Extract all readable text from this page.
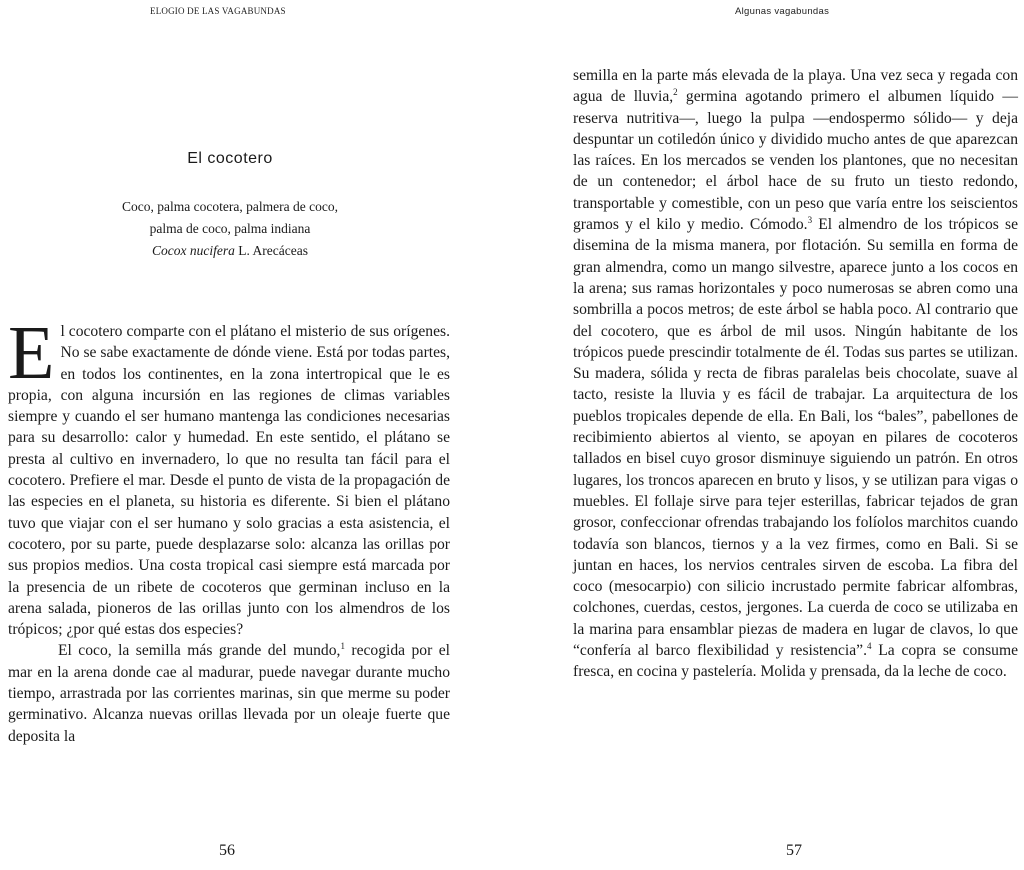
ELOGIO DE LAS VAGABUNDAS
El cocotero
Coco, palma cocotera, palmera de coco,
palma de coco, palma indiana
Cocox nucifera L. Arecáceas

El cocotero comparte con el plátano el misterio de sus orígenes. No se sabe exactamente de dónde viene. Está por todas partes, en todos los continentes, en la zona intertropical que le es propia, con alguna incursión en las regiones de climas variables siempre y cuando el ser humano mantenga las condiciones necesarias para su desarrollo: calor y humedad. En este sentido, el plátano se presta al cultivo en invernadero, lo que no resulta tan fácil para el cocotero. Prefiere el mar. Desde el punto de vista de la propagación de las especies en el planeta, su historia es diferente. Si bien el plátano tuvo que viajar con el ser humano y solo gracias a esta asistencia, el cocotero, por su parte, puede desplazarse solo: alcanza las orillas por sus propios medios. Una costa tropical casi siempre está marcada por la presencia de un ribete de cocoteros que germinan incluso en la arena salada, pioneros de las orillas junto con los almendros de los trópicos; ¿por qué estas dos especies?

El coco, la semilla más grande del mundo,$^1$ recogida por el mar en la arena donde cae al madurar, puede navegar durante mucho tiempo, arrastrada por las corrientes marinas, sin que merme su poder germinativo. Alcanza nuevas orillas llevada por un oleaje fuerte que deposita la

56
Algunas vagabundas

semilla en la parte más elevada de la playa. Una vez seca y regada con agua de lluvia,$^2$ germina agotando primero el albumen líquido —reserva nutritiva—, luego la pulpa —endospermo sólido— y deja despuntar un cotiledón único y dividido mucho antes de que aparezcan las raíces. En los mercados se venden los plantones, que no necesitan de un contenedor; el árbol hace de su fruto un tiesto redondo, transportable y comestible, con un peso que varía entre los seiscientos gramos y el kilo y medio. Cómodo.$^3$ El almendro de los trópicos se disemina de la misma manera, por flotación. Su semilla en forma de gran almendra, como un mango silvestre, aparece junto a los cocos en la arena; sus ramas horizontales y poco numerosas se abren como una sombrilla a pocos metros; de este árbol se habla poco. Al contrario que del cocotero, que es árbol de mil usos. Ningún habitante de los trópicos puede prescindir totalmente de él. Todas sus partes se utilizan. Su madera, sólida y recta de fibras paralelas beis chocolate, suave al tacto, resiste la lluvia y es fácil de trabajar. La arquitectura de los pueblos tropicales depende de ella. En Bali, los “bales”, pabellones de recibimiento abiertos al viento, se apoyan en pilares de cocoteros tallados en bisel cuyo grosor disminuye siguiendo un patrón. En otros lugares, los troncos aparecen en bruto y lisos, y se utilizan para vigas o muebles. El follaje sirve para tejer esterillas, fabricar tejados de gran grosor, confeccionar ofrendas trabajando los folíolos marchitos cuando todavía son blancos, tiernos y a la vez firmes, como en Bali. Si se juntan en haces, los nervios centrales sirven de escoba. La fibra del coco (mesocarpio) con silicio incrustado permite fabricar alfombras, colchones, cuerdas, cestos, jergones. La cuerda de coco se utilizaba en la marina para ensamblar piezas de madera en lugar de clavos, lo que “confería al barco flexibilidad y resistencia”.$^4$ La copra se consume fresca, en cocina y pastelería. Molida y prensada, da la leche de coco.

57
